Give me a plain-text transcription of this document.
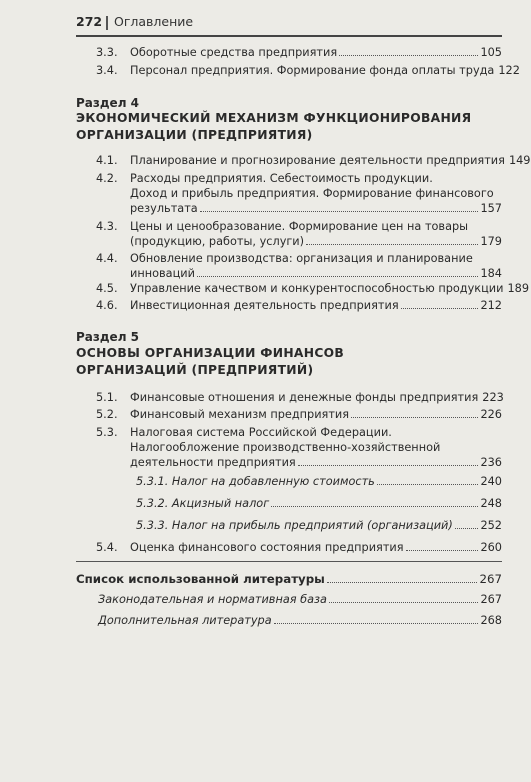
272 Оглавление
3.3.	Оборотные средства предприятия	105
3.4.	Персонал предприятия. Формирование фонда оплаты труда 122
Раздел 4
ЭКОНОМИЧЕСКИЙ МЕХАНИЗМ ФУНКЦИОНИРОВАНИЯ
ОРГАНИЗАЦИИ (ПРЕДПРИЯТИЯ)
4.1.	Планирование и прогнозирование деятельности предприятия 149
4.2.	Расходы предприятия. Себестоимость продукции.
Доход и прибыль предприятия. Формирование финансового
результата	157
4.3.	Цены и ценообразование. Формирование цен на товары
(продукцию, работы, услуги)	179
4.4.	Обновление производства: организация и планирование
инноваций	184
4.5.	Управление качеством и конкурентоспособностью продукции 189
4.6.	Инвестиционная деятельность предприятия	212
Раздел 5
ОСНОВЫ ОРГАНИЗАЦИИ ФИНАНСОВ
ОРГАНИЗАЦИЙ (ПРЕДПРИЯТИЙ)
5.1.	Финансовые отношения и денежные фонды предприятия 223
5.2.	Финансовый механизм предприятия	226
5.3.	Налоговая система Российской Федерации.
Налогообложение производственно-хозяйственной
деятельности предприятия	236
5.3.1. Налог на добавленную стоимость	240
5.3.2. Акцизный налог	248
5.3.3. Налог на прибыль предприятий (организаций) 252
5.4.	Оценка финансового состояния предприятия	260
Список использованной литературы	267
Законодательная и нормативная база	267
Дополнительная литература	268
